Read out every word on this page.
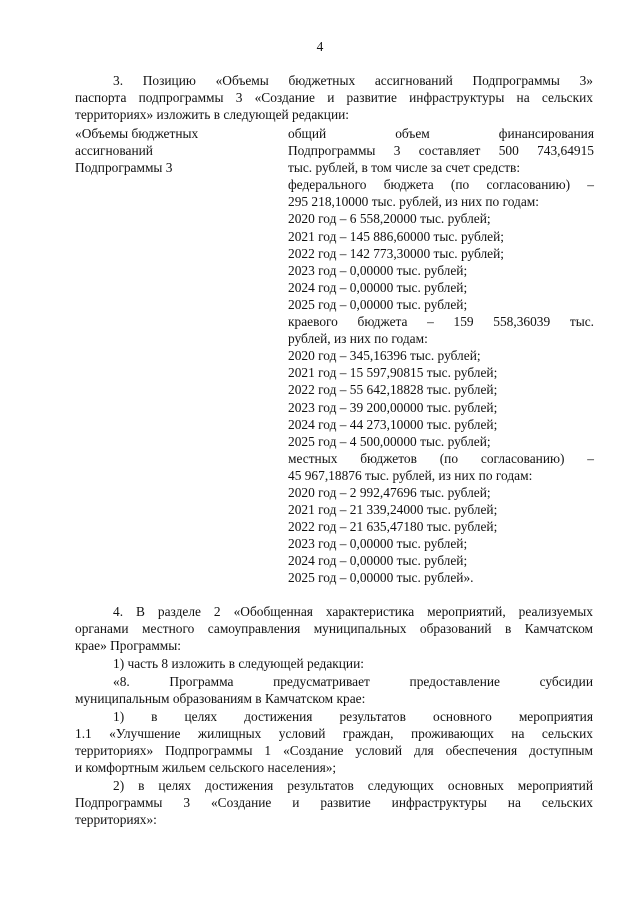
4
3. Позицию «Объемы бюджетных ассигнований Подпрограммы 3»
паспорта подпрограммы 3 «Создание и развитие инфраструктуры на сельских
территориях» изложить в следующей редакции:
«Объемы бюджетных
ассигнований
Подпрограммы 3
общий объем финансирования
Подпрограммы 3 составляет 500 743,64915
тыс. рублей, в том числе за счет средств:
федерального бюджета (по согласованию) –
295 218,10000 тыс. рублей, из них по годам:
2020 год – 6 558,20000 тыс. рублей;
2021 год – 145 886,60000 тыс. рублей;
2022 год – 142 773,30000 тыс. рублей;
2023 год – 0,00000 тыс. рублей;
2024 год – 0,00000 тыс. рублей;
2025 год – 0,00000 тыс. рублей;
краевого бюджета – 159 558,36039 тыс.
рублей, из них по годам:
2020 год – 345,16396 тыс. рублей;
2021 год – 15 597,90815 тыс. рублей;
2022 год – 55 642,18828 тыс. рублей;
2023 год – 39 200,00000 тыс. рублей;
2024 год – 44 273,10000 тыс. рублей;
2025 год – 4 500,00000 тыс. рублей;
местных бюджетов (по согласованию) –
45 967,18876 тыс. рублей, из них по годам:
2020 год – 2 992,47696 тыс. рублей;
2021 год – 21 339,24000 тыс. рублей;
2022 год – 21 635,47180 тыс. рублей;
2023 год – 0,00000 тыс. рублей;
2024 год – 0,00000 тыс. рублей;
2025 год – 0,00000 тыс. рублей».
4. В разделе 2 «Обобщенная характеристика мероприятий, реализуемых
органами местного самоуправления муниципальных образований в Камчатском
крае» Программы:
1) часть 8 изложить в следующей редакции:
«8. Программа предусматривает предоставление субсидии
муниципальным образованиям в Камчатском крае:
1) в целях достижения результатов основного мероприятия
1.1 «Улучшение жилищных условий граждан, проживающих на сельских
территориях» Подпрограммы 1 «Создание условий для обеспечения доступным
и комфортным жильем сельского населения»;
2) в целях достижения результатов следующих основных мероприятий
Подпрограммы 3 «Создание и развитие инфраструктуры на сельских
территориях»:
